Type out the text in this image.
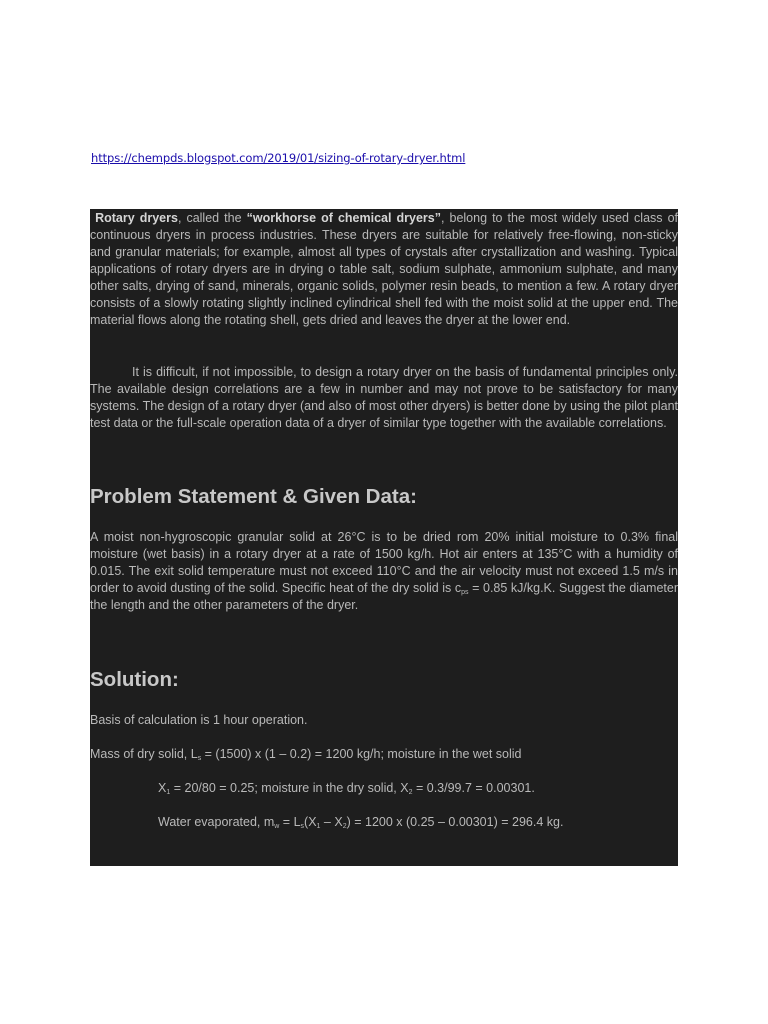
https://chempds.blogspot.com/2019/01/sizing-of-rotary-dryer.html

Rotary dryers, called the “workhorse of chemical dryers”, belong to the most widely used class of continuous dryers in process industries. These dryers are suitable for relatively free-flowing, non-sticky and granular materials; for example, almost all types of crystals after crystallization and washing. Typical applications of rotary dryers are in drying o table salt, sodium sulphate, ammonium sulphate, and many other salts, drying of sand, minerals, organic solids, polymer resin beads, to mention a few. A rotary dryer consists of a slowly rotating slightly inclined cylindrical shell fed with the moist solid at the upper end. The material flows along the rotating shell, gets dried and leaves the dryer at the lower end.

It is difficult, if not impossible, to design a rotary dryer on the basis of fundamental principles only. The available design correlations are a few in number and may not prove to be satisfactory for many systems. The design of a rotary dryer (and also of most other dryers) is better done by using the pilot plant test data or the full-scale operation data of a dryer of similar type together with the available correlations.

Problem Statement & Given Data:

A moist non-hygroscopic granular solid at 26°C is to be dried rom 20% initial moisture to 0.3% final moisture (wet basis) in a rotary dryer at a rate of 1500 kg/h. Hot air enters at 135°C with a humidity of 0.015. The exit solid temperature must not exceed 110°C and the air velocity must not exceed 1.5 m/s in order to avoid dusting of the solid. Specific heat of the dry solid is $c_{ps} = 0.85$ kJ/kg.K. Suggest the diameter the length and the other parameters of the dryer.

Solution:

Basis of calculation is 1 hour operation.

Mass of dry solid, $L_s = (1500)$ x (1 – 0.2) = 1200 kg/h; moisture in the wet solid

$X_1 = 20/80 = 0.25$; moisture in the dry solid, $X_2 = 0.3/99.7 = 0.00301$.

Water evaporated, $m_w = L_s(X_1 - X_2) = 1200$ x (0.25 – 0.00301) = 296.4 kg.
